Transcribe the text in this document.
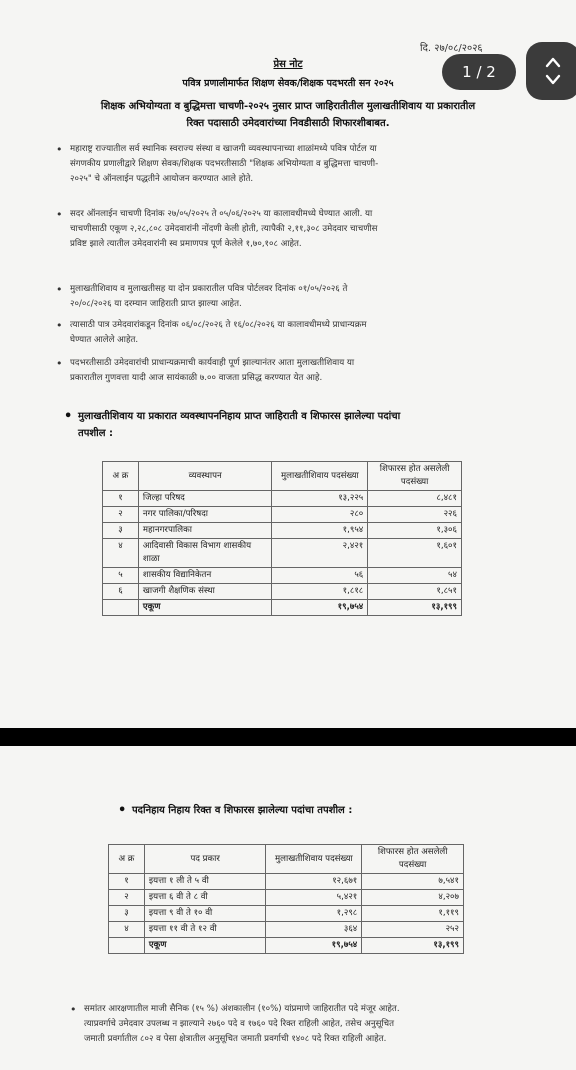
दि. २७/०८/२०२६
प्रेस नोट
पवित्र प्रणालीमार्फत शिक्षण सेवक/शिक्षक पदभरती सन २०२५
शिक्षक अभियोग्यता व बुद्धिमत्ता चाचणी-२०२५ नुसार प्राप्त जाहिरातीतील मुलाखतीशिवाय या प्रकारातील
रिक्त पदासाठी उमेदवारांच्या निवडीसाठी शिफारशीबाबत.
• महाराष्ट्र राज्यातील सर्व स्थानिक स्वराज्य संस्था व खाजगी व्यवस्थापनाच्या शाळांमध्ये पवित्र पोर्टल या
संगणकीय प्रणालीद्वारे शिक्षण सेवक/शिक्षक पदभरतीसाठी "शिक्षक अभियोग्यता व बुद्धिमत्ता चाचणी-
२०२५" चे ऑनलाईन पद्धतीने आयोजन करण्यात आले होते.
• सदर ऑनलाईन चाचणी दिनांक २७/०५/२०२५ ते ०५/०६/२०२५ या कालावधीमध्ये घेण्यात आली. या
चाचणीसाठी एकूण २,२८,८०८ उमेदवारांनी नोंदणी केली होती, त्यापैकी २,११,३०८ उमेदवार चाचणीस
प्रविष्ट झाले त्यातील उमेदवारांनी स्व प्रमाणपत्र पूर्ण केलेले १,७०,१०८ आहेत.
• मुलाखतीशिवाय व मुलाखतीसह या दोन प्रकारातील पवित्र पोर्टलवर दिनांक ०१/०५/२०२६ ते
२०/०८/२०२६ या दरम्यान जाहिराती प्राप्त झाल्या आहेत.
• त्यासाठी पात्र उमेदवारांकडून दिनांक ०६/०८/२०२६ ते १६/०८/२०२६ या कालावधीमध्ये प्राधान्यक्रम
घेण्यात आलेले आहेत.
• पदभरतीसाठी उमेदवारांची प्राधान्यक्रमाची कार्यवाही पूर्ण झाल्यानंतर आता मुलाखतीशिवाय या
प्रकारातील गुणवत्ता यादी आज सायंकाळी ७.०० वाजता प्रसिद्ध करण्यात येत आहे.
• मुलाखतीशिवाय या प्रकारात व्यवस्थापननिहाय प्राप्त जाहिराती व शिफारस झालेल्या पदांचा
तपशील :
अ क्र	व्यवस्थापन	मुलाखतीशिवाय पदसंख्या	शिफारस होत असलेली पदसंख्या
१	जिल्हा परिषद	१३,२२५	८,४८१
२	नगर पालिका/परिषदा	२८०	२२६
३	महानगरपालिका	१,९५४	१,३०६
४	आदिवासी विकास विभाग शासकीय शाळा	२,४२१	१,६०१
५	शासकीय विद्यानिकेतन	५६	५४
६	खाजगी शैक्षणिक संस्था	१,८१८	१,८५१
	एकूण	१९,७५४	१३,१९९
• पदनिहाय निहाय रिक्त व शिफारस झालेल्या पदांचा तपशील :
अ क्र	पद प्रकार	मुलाखतीशिवाय पदसंख्या	शिफारस होत असलेली पदसंख्या
१	इयत्ता १ ली ते ५ वी	१२,६७१	७,५४१
२	इयत्ता ६ वी ते ८ वी	५,४२१	४,२०७
३	इयत्ता ९ वी ते १० वी	१,२९८	१,११९
४	इयत्ता ११ वी ते १२ वी	३६४	२५२
	एकूण	१९,७५४	१३,१९९
• समांतर आरक्षणातील माजी सैनिक (१५ %) अंशकालीन (१०%) यांप्रमाणे जाहिरातीत पदे मंजूर आहेत.
त्याप्रवर्गाचे उमेदवार उपलब्ध न झाल्याने २७६० पदे व १७६० पदे रिक्त राहिली आहेत, तसेच अनुसूचित
जमाती प्रवर्गातील ८०२ व पेसा क्षेत्रातील अनुसूचित जमाती प्रवर्गाची १४०८ पदे रिक्त राहिली आहेत.
1 / 2
